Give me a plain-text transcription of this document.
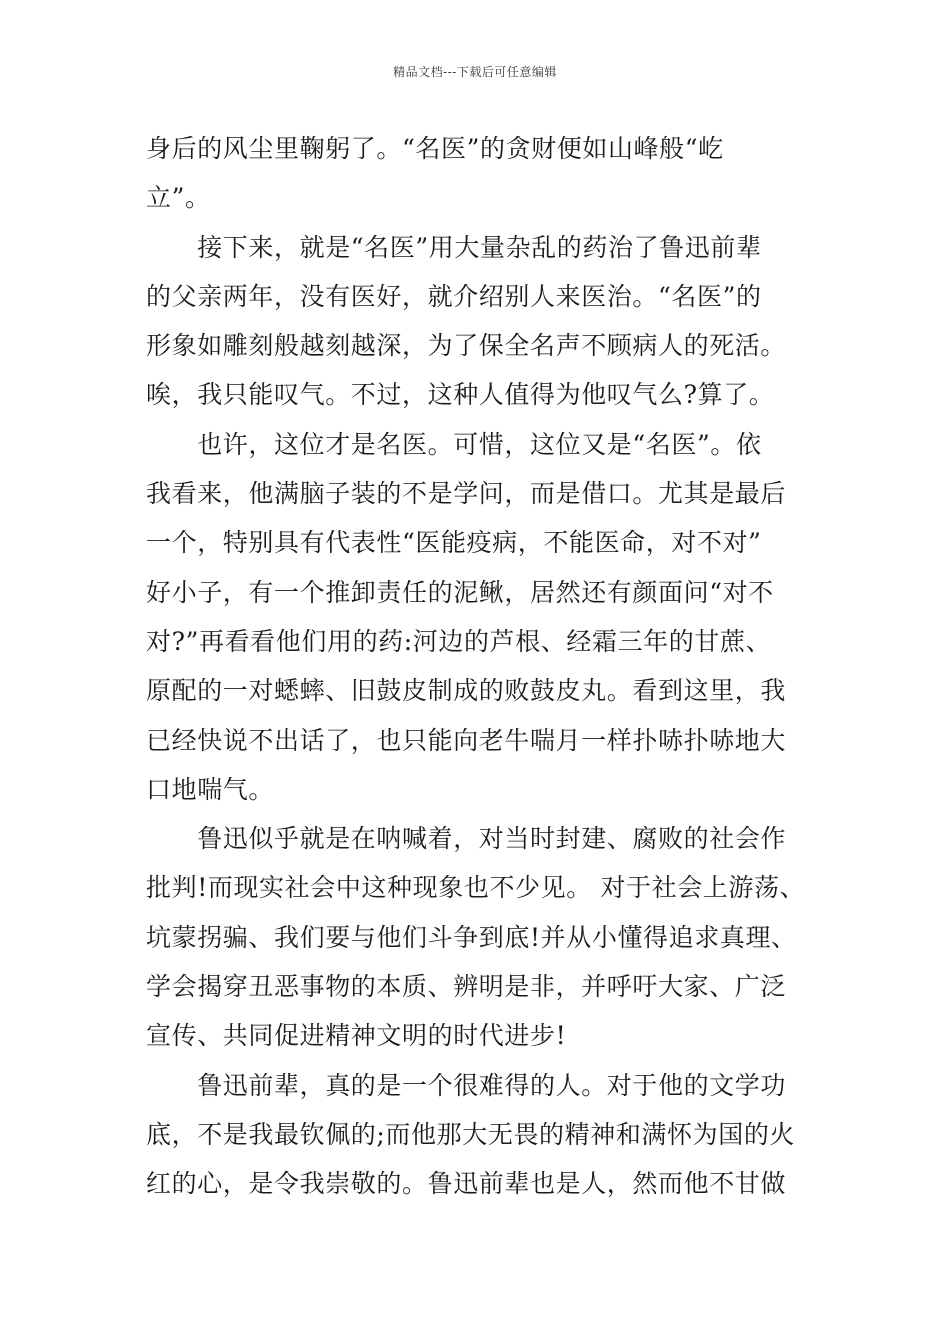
精品文档---下载后可任意编辑
身后的风尘里鞠躬了。“名医”的贪财便如山峰般“屹
立”。
　　接下来，就是“名医”用大量杂乱的药治了鲁迅前辈
的父亲两年，没有医好，就介绍别人来医治。“名医”的
形象如雕刻般越刻越深，为了保全名声不顾病人的死活。
唉，我只能叹气。不过，这种人值得为他叹气么?算了。
　　也许，这位才是名医。可惜，这位又是“名医”。依
我看来，他满脑子装的不是学问，而是借口。尤其是最后
一个，特别具有代表性“医能疫病，不能医命，对不对”
好小子，有一个推卸责任的泥鳅，居然还有颜面问“对不
对?”再看看他们用的药:河边的芦根、经霜三年的甘蔗、
原配的一对蟋蟀、旧鼓皮制成的败鼓皮丸。看到这里，我
已经快说不出话了，也只能向老牛喘月一样扑哧扑哧地大
口地喘气。
　　鲁迅似乎就是在呐喊着，对当时封建、腐败的社会作
批判!而现实社会中这种现象也不少见。 对于社会上游荡、
坑蒙拐骗、我们要与他们斗争到底!并从小懂得追求真理、
学会揭穿丑恶事物的本质、辨明是非，并呼吁大家、广泛
宣传、共同促进精神文明的时代进步!
　　鲁迅前辈，真的是一个很难得的人。对于他的文学功
底，不是我最钦佩的;而他那大无畏的精神和满怀为国的火
红的心，是令我崇敬的。鲁迅前辈也是人，然而他不甘做
